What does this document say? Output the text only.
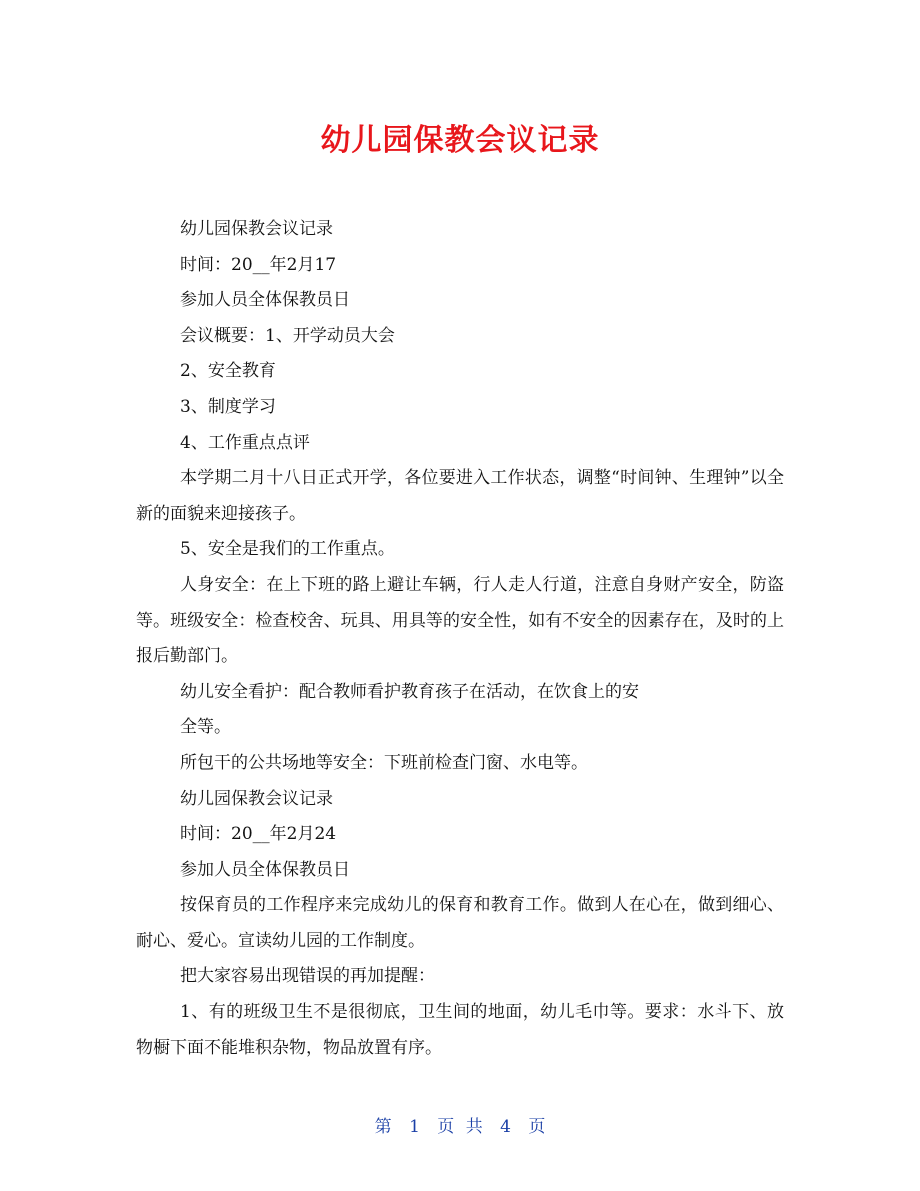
幼儿园保教会议记录

幼儿园保教会议记录

时间：20__年2月17

参加人员全体保教员日

会议概要：1、开学动员大会

2、安全教育

3、制度学习

4、工作重点点评

本学期二月十八日正式开学，各位要进入工作状态，调整“时间钟、生理钟”以全新的面貌来迎接孩子。

5、安全是我们的工作重点。

人身安全：在上下班的路上避让车辆，行人走人行道，注意自身财产安全，防盗等。班级安全：检查校舍、玩具、用具等的安全性，如有不安全的因素存在，及时的上报后勤部门。

幼儿安全看护：配合教师看护教育孩子在活动，在饮食上的安

全等。

所包干的公共场地等安全：下班前检查门窗、水电等。

幼儿园保教会议记录

时间：20__年2月24

参加人员全体保教员日

按保育员的工作程序来完成幼儿的保育和教育工作。做到人在心在，做到细心、耐心、爱心。宣读幼儿园的工作制度。

把大家容易出现错误的再加提醒：

1、有的班级卫生不是很彻底，卫生间的地面，幼儿毛巾等。要求：水斗下、放物橱下面不能堆积杂物，物品放置有序。

第 1 页 共 4 页
